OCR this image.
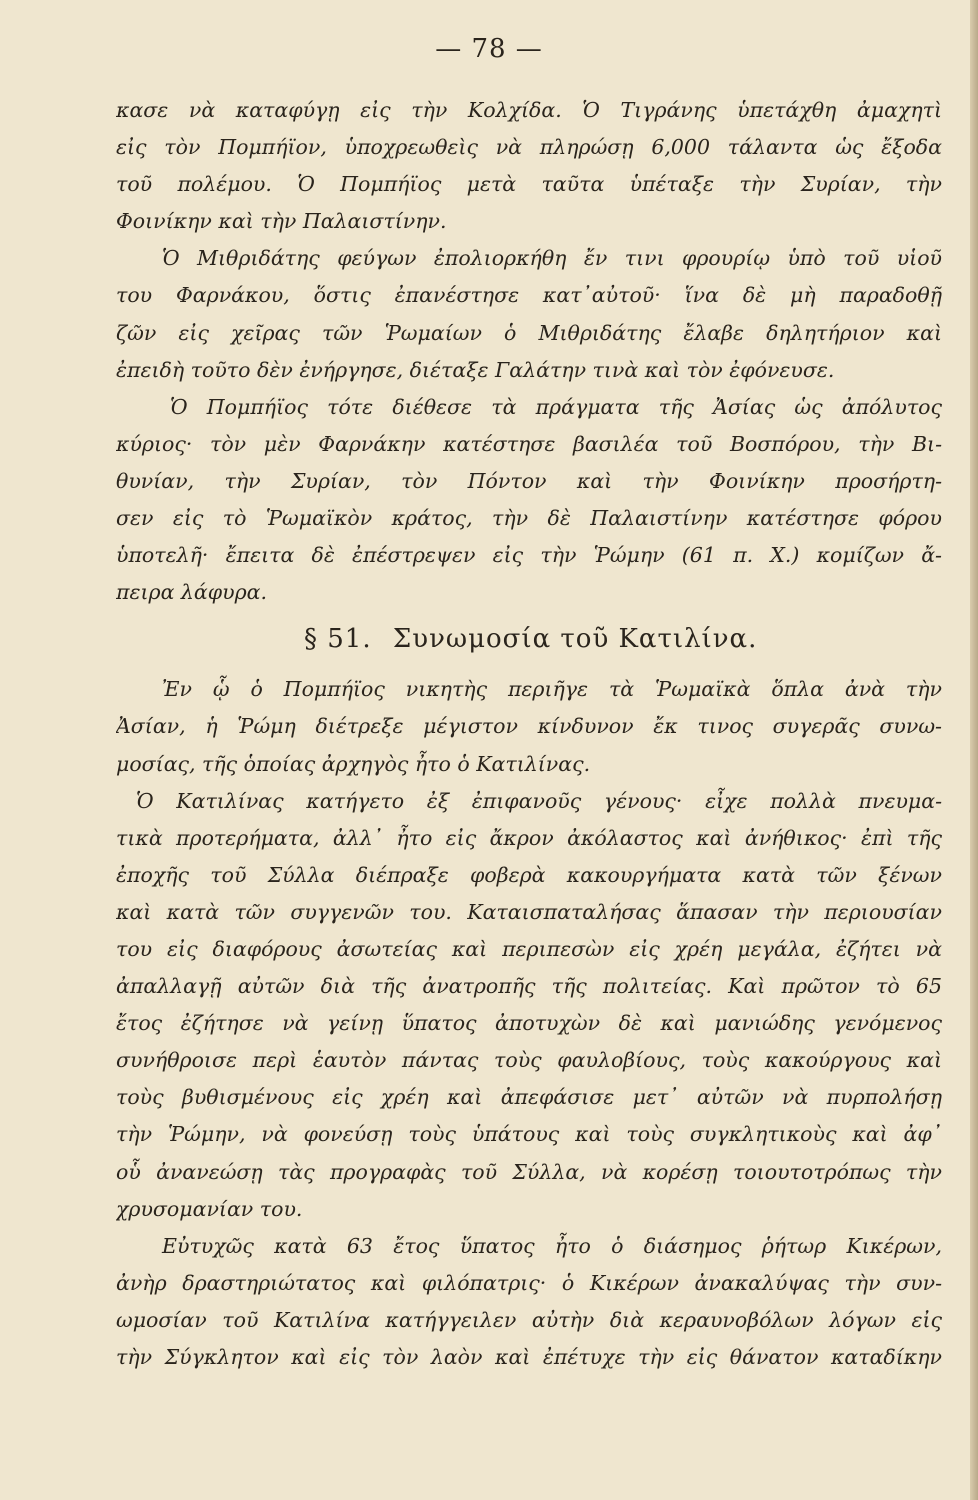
— 78 —
κασε νὰ καταφύγῃ εἰς τὴν Κολχίδα. Ὁ Τιγράνης ὑπετάχθη ἀμαχητὶ
εἰς τὸν Πομπήϊον, ὑποχρεωθεὶς νὰ πληρώσῃ 6,000 τάλαντα ὡς ἔξοδα
τοῦ πολέμου. Ὁ Πομπήϊος μετὰ ταῦτα ὑπέταξε τὴν Συρίαν, τὴν
Φοινίκην καὶ τὴν Παλαιστίνην.
Ὁ Μιθριδάτης φεύγων ἐπολιορκήθη ἔν τινι φρουρίῳ ὑπὸ τοῦ υἱοῦ
του Φαρνάκου, ὅστις ἐπανέστησε κατ᾽αὐτοῦ· ἵνα δὲ μὴ παραδοθῇ
ζῶν εἰς χεῖρας τῶν Ῥωμαίων ὁ Μιθριδάτης ἔλαβε δηλητήριον καὶ
ἐπειδὴ τοῦτο δὲν ἐνήργησε, διέταξε Γαλάτην τινὰ καὶ τὸν ἐφόνευσε.
Ὁ Πομπήϊος τότε διέθεσε τὰ πράγματα τῆς Ἀσίας ὡς ἀπόλυτος
κύριος· τὸν μὲν Φαρνάκην κατέστησε βασιλέα τοῦ Βοσπόρου, τὴν Βι-
θυνίαν, τὴν Συρίαν, τὸν Πόντον καὶ τὴν Φοινίκην προσήρτη-
σεν εἰς τὸ Ῥωμαϊκὸν κράτος, τὴν δὲ Παλαιστίνην κατέστησε φόρου
ὑποτελῆ· ἔπειτα δὲ ἐπέστρεψεν εἰς τὴν Ῥώμην (61 π. Χ.) κομίζων ἄ-
πειρα λάφυρα.
§ 51. Συνωμοσία τοῦ Κατιλίνα.
Ἐν ᾧ ὁ Πομπήϊος νικητὴς περιῆγε τὰ Ῥωμαϊκὰ ὅπλα ἀνὰ τὴν
Ἀσίαν, ἡ Ῥώμη διέτρεξε μέγιστον κίνδυνον ἔκ τινος συγερᾶς συνω-
μοσίας, τῆς ὁποίας ἀρχηγὸς ἦτο ὁ Κατιλίνας.
Ὁ Κατιλίνας κατήγετο ἐξ ἐπιφανοῦς γένους· εἶχε πολλὰ πνευμα-
τικὰ προτερήματα, ἀλλ᾽ ἦτο εἰς ἄκρον ἀκόλαστος καὶ ἀνήθικος· ἐπὶ τῆς
ἐποχῆς τοῦ Σύλλα διέπραξε φοβερὰ κακουργήματα κατὰ τῶν ξένων
καὶ κατὰ τῶν συγγενῶν του. Καταισπαταλήσας ἅπασαν τὴν περιουσίαν
του εἰς διαφόρους ἀσωτείας καὶ περιπεσὼν εἰς χρέη μεγάλα, ἐζήτει νὰ
ἀπαλλαγῇ αὐτῶν διὰ τῆς ἀνατροπῆς τῆς πολιτείας. Καὶ πρῶτον τὸ 65
ἔτος ἐζήτησε νὰ γείνῃ ὕπατος ἀποτυχὼν δὲ καὶ μανιώδης γενόμενος
συνήθροισε περὶ ἑαυτὸν πάντας τοὺς φαυλοβίους, τοὺς κακούργους καὶ
τοὺς βυθισμένους εἰς χρέη καὶ ἀπεφάσισε μετ᾽ αὐτῶν νὰ πυρπολήσῃ
τὴν Ῥώμην, νὰ φονεύσῃ τοὺς ὑπάτους καὶ τοὺς συγκλητικοὺς καὶ ἀφ᾽
οὗ ἀνανεώσῃ τὰς προγραφὰς τοῦ Σύλλα, νὰ κορέσῃ τοιουτοτρόπως τὴν
χρυσομανίαν του.
Εὐτυχῶς κατὰ 63 ἔτος ὕπατος ἦτο ὁ διάσημος ῥήτωρ Κικέρων,
ἀνὴρ δραστηριώτατος καὶ φιλόπατρις· ὁ Κικέρων ἀνακαλύψας τὴν συν-
ωμοσίαν τοῦ Κατιλίνα κατήγγειλεν αὐτὴν διὰ κεραυνοβόλων λόγων εἰς
τὴν Σύγκλητον καὶ εἰς τὸν λαὸν καὶ ἐπέτυχε τὴν εἰς θάνατον καταδίκην
